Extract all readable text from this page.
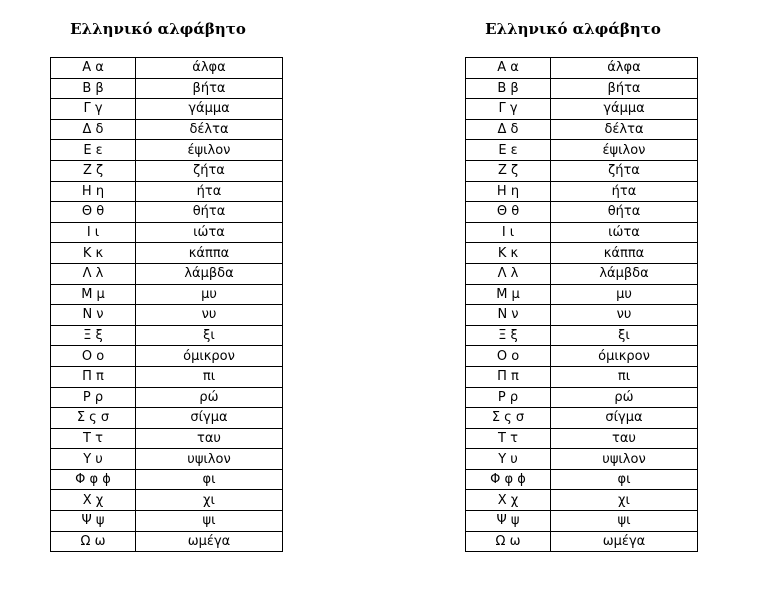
Ελληνικό αλφάβητο
Α α	άλφα
Β β	βήτα
Γ γ	γάμμα
Δ δ	δέλτα
Ε ε	έψιλον
Ζ ζ	ζήτα
Η η	ήτα
Θ θ	θήτα
Ι ι	ιώτα
Κ κ	κάππα
Λ λ	λάμβδα
Μ μ	μυ
Ν ν	νυ
Ξ ξ	ξι
Ο ο	όμικρον
Π π	πι
Ρ ρ	ρώ
Σ ς σ	σίγμα
Τ τ	ταυ
Υ υ	υψιλον
Φ φ ϕ	φι
Χ χ	χι
Ψ ψ	ψι
Ω ω	ωμέγα
Ελληνικό αλφάβητο
Α α	άλφα
Β β	βήτα
Γ γ	γάμμα
Δ δ	δέλτα
Ε ε	έψιλον
Ζ ζ	ζήτα
Η η	ήτα
Θ θ	θήτα
Ι ι	ιώτα
Κ κ	κάππα
Λ λ	λάμβδα
Μ μ	μυ
Ν ν	νυ
Ξ ξ	ξι
Ο ο	όμικρον
Π π	πι
Ρ ρ	ρώ
Σ ς σ	σίγμα
Τ τ	ταυ
Υ υ	υψιλον
Φ φ ϕ	φι
Χ χ	χι
Ψ ψ	ψι
Ω ω	ωμέγα
